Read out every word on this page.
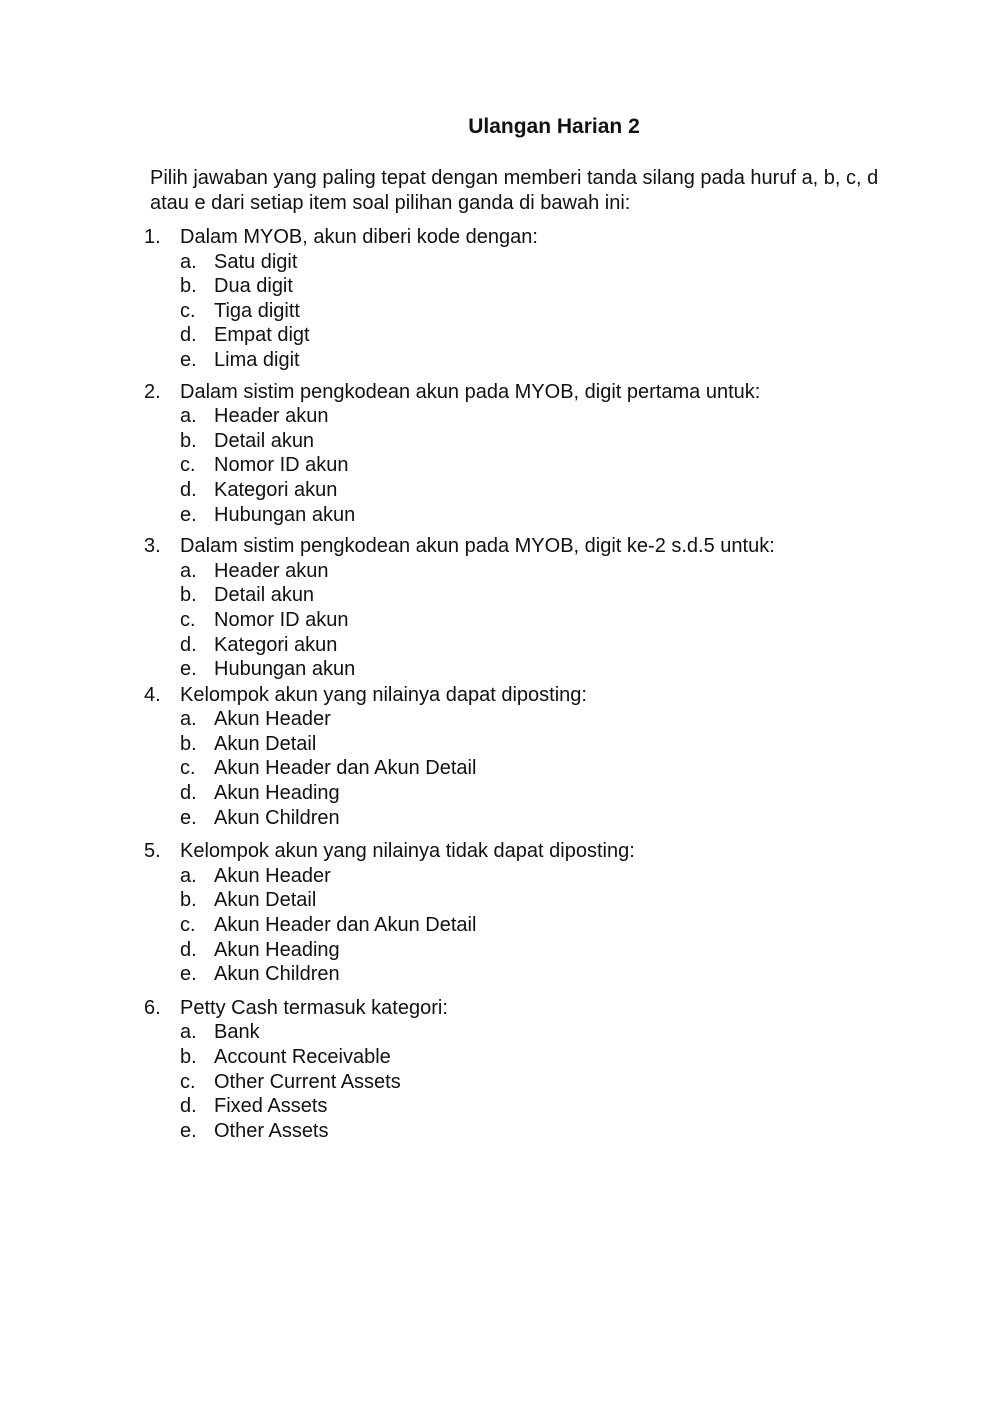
Ulangan Harian 2

Pilih jawaban yang paling tepat dengan memberi tanda silang pada huruf a, b, c, d atau e dari setiap item soal pilihan ganda di bawah ini:

1. Dalam MYOB, akun diberi kode dengan:
a. Satu digit
b. Dua digit
c. Tiga digitt
d. Empat digt
e. Lima digit
2. Dalam sistim pengkodean akun pada MYOB, digit pertama untuk:
a. Header akun
b. Detail akun
c. Nomor ID akun
d. Kategori akun
e. Hubungan akun
3. Dalam sistim pengkodean akun pada MYOB, digit ke-2 s.d.5 untuk:
a. Header akun
b. Detail akun
c. Nomor ID akun
d. Kategori akun
e. Hubungan akun
4. Kelompok akun yang nilainya dapat diposting:
a. Akun Header
b. Akun Detail
c. Akun Header dan Akun Detail
d. Akun Heading
e. Akun Children
5. Kelompok akun yang nilainya tidak dapat diposting:
a. Akun Header
b. Akun Detail
c. Akun Header dan Akun Detail
d. Akun Heading
e. Akun Children
6. Petty Cash termasuk kategori:
a. Bank
b. Account Receivable
c. Other Current Assets
d. Fixed Assets
e. Other Assets
